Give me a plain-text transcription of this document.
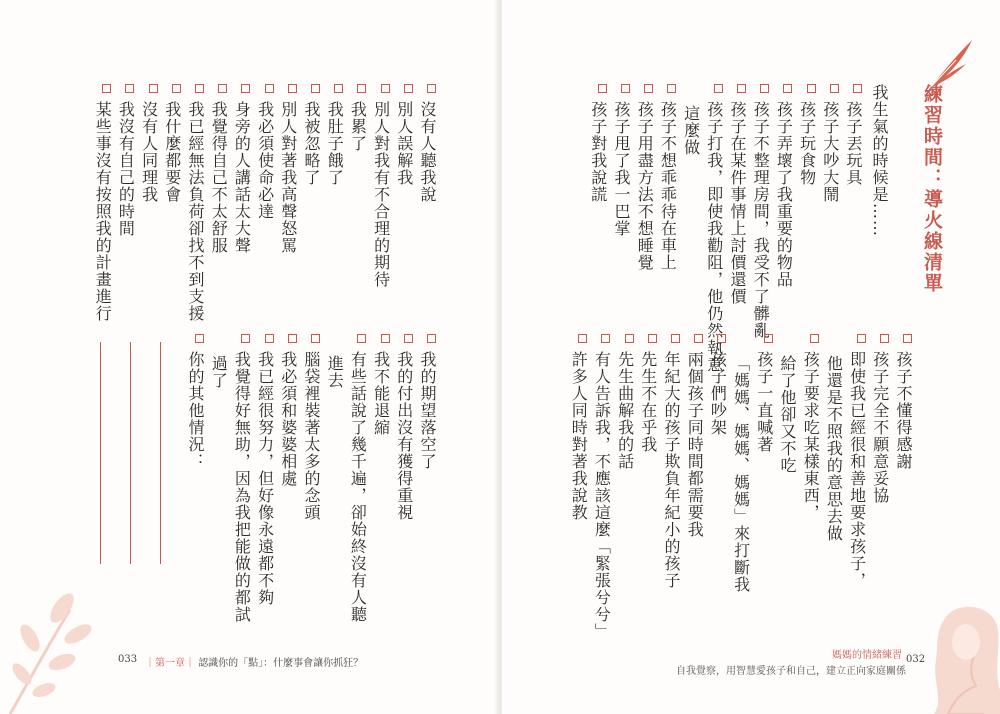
沒有人聽我說
別人誤解我
別人對我有不合理的期待
我累了
我肚子餓了
我被忽略了
別人對著我高聲怒罵
我必須使命必達
身旁的人講話太大聲
我覺得自己不太舒服
我已經無法負荷卻找不到支援
我什麼都要會
沒有人同理我
我沒有自己的時間
某些事沒有按照我的計畫進行
我的期望落空了
我的付出沒有獲得重視
我不能退縮
有些話說了幾千遍，卻始終沒有人聽
進去
腦袋裡裝著太多的念頭
我必須和婆婆相處
我已經很努力，但好像永遠都不夠
我覺得好無助，因為我把能做的都試
過了
你的其他情況：
033 ｜第一章｜ 認識你的「點」：什麼事會讓你抓狂？
練習時間：導火線清單
我生氣的時候是……
孩子丟玩具
孩子大吵大鬧
孩子玩食物
孩子弄壞了我重要的物品
孩子不整理房間，我受不了髒亂
孩子在某件事情上討價還價
孩子打我，即使我勸阻，他仍然執意
這麼做
孩子不想乖乖待在車上
孩子用盡方法不想睡覺
孩子甩了我一巴掌
孩子對我說謊
孩子不懂得感謝
孩子完全不願意妥協
即使我已經很和善地要求孩子，
他還是不照我的意思去做
孩子要求吃某樣東西，
給了他卻又不吃
孩子一直喊著
「媽媽、媽媽、媽媽」來打斷我
孩子們吵架
兩個孩子同時間都需要我
年紀大的孩子欺負年紀小的孩子
先生不在乎我
先生曲解我的話
有人告訴我，不應該這麼「緊張兮兮」
許多人同時對著我說教
媽媽的情緒練習
自我覺察，用智慧愛孩子和自己，建立正向家庭關係
032
